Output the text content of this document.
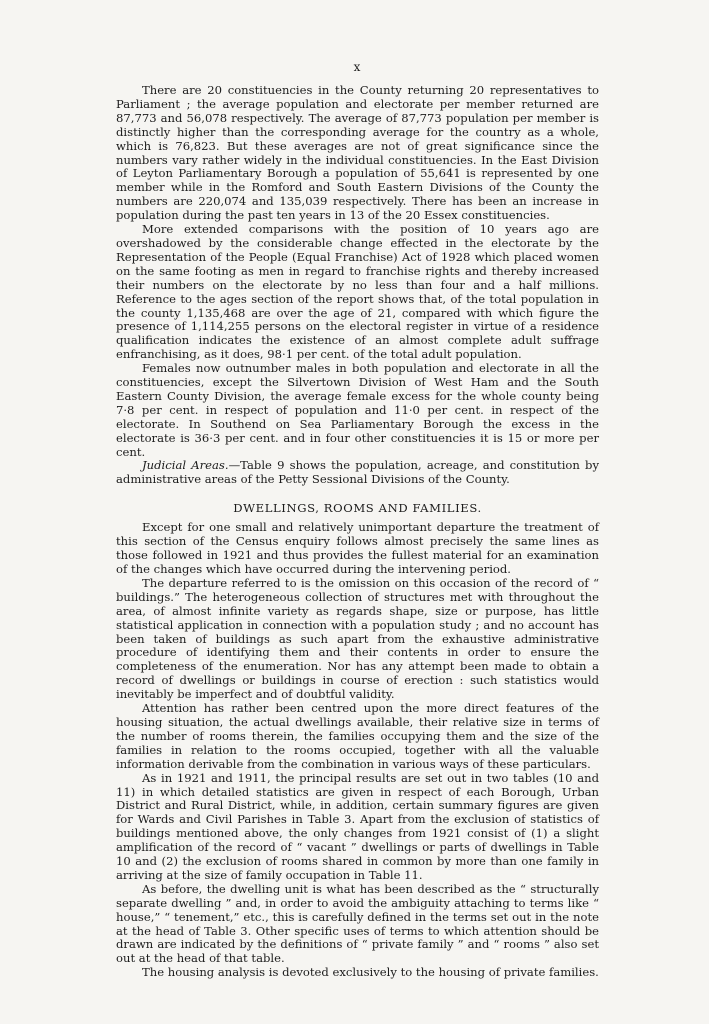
x

There are 20 constituencies in the County returning 20 representatives to Parliament ; the average population and electorate per member returned are 87,773 and 56,078 respectively. The average of 87,773 population per member is distinctly higher than the corresponding average for the country as a whole, which is 76,823. But these averages are not of great significance since the numbers vary rather widely in the individual constituencies. In the East Division of Leyton Parliamentary Borough a population of 55,641 is represented by one member while in the Romford and South Eastern Divisions of the County the numbers are 220,074 and 135,039 respectively. There has been an increase in population during the past ten years in 13 of the 20 Essex constituencies.

More extended comparisons with the position of 10 years ago are overshadowed by the considerable change effected in the electorate by the Representation of the People (Equal Franchise) Act of 1928 which placed women on the same footing as men in regard to franchise rights and thereby increased their numbers on the electorate by no less than four and a half millions. Reference to the ages section of the report shows that, of the total population in the county 1,135,468 are over the age of 21, compared with which figure the presence of 1,114,255 persons on the electoral register in virtue of a residence qualification indicates the existence of an almost complete adult suffrage enfranchising, as it does, 98·1 per cent. of the total adult population.

Females now outnumber males in both population and electorate in all the constituencies, except the Silvertown Division of West Ham and the South Eastern County Division, the average female excess for the whole county being 7·8 per cent. in respect of population and 11·0 per cent. in respect of the electorate. In Southend on Sea Parliamentary Borough the excess in the electorate is 36·3 per cent. and in four other constituencies it is 15 or more per cent.

Judicial Areas.—Table 9 shows the population, acreage, and constitution by administrative areas of the Petty Sessional Divisions of the County.

DWELLINGS, ROOMS AND FAMILIES.

Except for one small and relatively unimportant departure the treatment of this section of the Census enquiry follows almost precisely the same lines as those followed in 1921 and thus provides the fullest material for an examination of the changes which have occurred during the intervening period.

The departure referred to is the omission on this occasion of the record of “ buildings.” The heterogeneous collection of structures met with throughout the area, of almost infinite variety as regards shape, size or purpose, has little statistical application in connection with a population study ; and no account has been taken of buildings as such apart from the exhaustive administrative procedure of identifying them and their contents in order to ensure the completeness of the enumeration. Nor has any attempt been made to obtain a record of dwellings or buildings in course of erection : such statistics would inevitably be imperfect and of doubtful validity.

Attention has rather been centred upon the more direct features of the housing situation, the actual dwellings available, their relative size in terms of the number of rooms therein, the families occupying them and the size of the families in relation to the rooms occupied, together with all the valuable information derivable from the combination in various ways of these particulars.

As in 1921 and 1911, the principal results are set out in two tables (10 and 11) in which detailed statistics are given in respect of each Borough, Urban District and Rural District, while, in addition, certain summary figures are given for Wards and Civil Parishes in Table 3. Apart from the exclusion of statistics of buildings mentioned above, the only changes from 1921 consist of (1) a slight amplification of the record of “ vacant ” dwellings or parts of dwellings in Table 10 and (2) the exclusion of rooms shared in common by more than one family in arriving at the size of family occupation in Table 11.

As before, the dwelling unit is what has been described as the “ structurally separate dwelling ” and, in order to avoid the ambiguity attaching to terms like “ house,” “ tenement,” etc., this is carefully defined in the terms set out in the note at the head of Table 3. Other specific uses of terms to which attention should be drawn are indicated by the definitions of “ private family ” and “ rooms ” also set out at the head of that table.

The housing analysis is devoted exclusively to the housing of private families.
